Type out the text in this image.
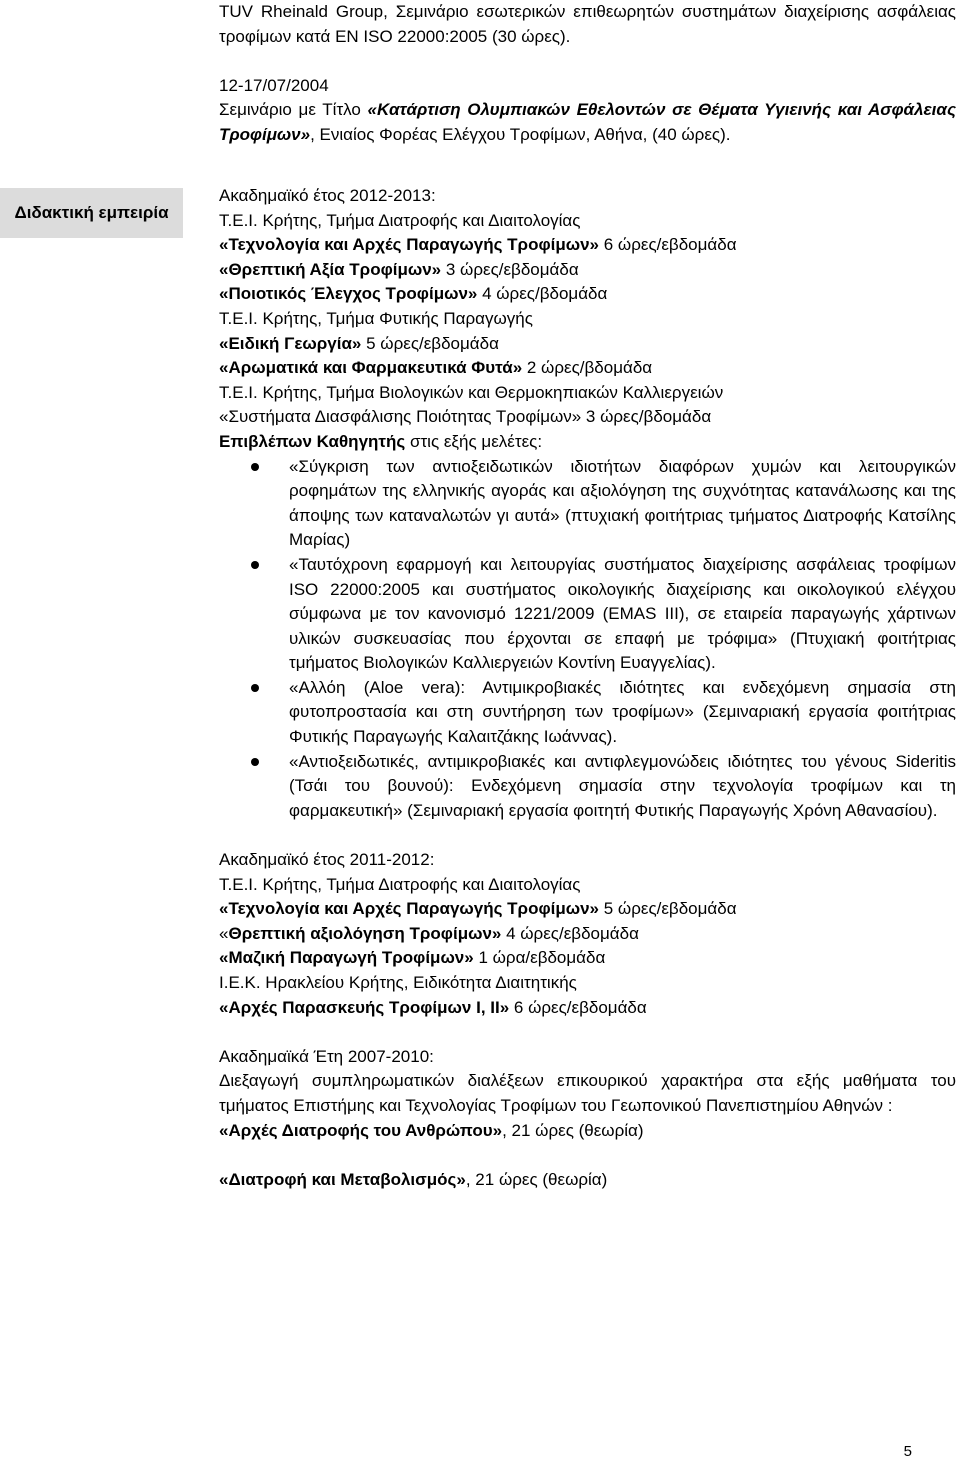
TUV Rheinald Group, Σεμινάριο εσωτερικών επιθεωρητών συστημάτων διαχείρισης ασφάλειας τροφίμων κατά ΕΝ ISO 22000:2005 (30 ώρες).

12-17/07/2004

Σεμινάριο με Τίτλο «Κατάρτιση Ολυμπιακών Εθελοντών σε Θέματα Υγιεινής και Ασφάλειας Τροφίμων», Ενιαίος Φορέας Ελέγχου Τροφίμων, Αθήνα, (40 ώρες).

Διδακτική εμπειρία

Ακαδημαϊκό έτος 2012-2013:

Τ.Ε.Ι. Κρήτης, Τμήμα Διατροφής και Διαιτολογίας

«Τεχνολογία και Αρχές Παραγωγής Τροφίμων» 6 ώρες/εβδομάδα

«Θρεπτική Αξία Τροφίμων» 3 ώρες/εβδομάδα

«Ποιοτικός Έλεγχος Τροφίμων» 4 ώρες/βδομάδα

Τ.Ε.Ι. Κρήτης, Τμήμα Φυτικής Παραγωγής

«Ειδική Γεωργία» 5 ώρες/εβδομάδα

«Αρωματικά και Φαρμακευτικά Φυτά» 2 ώρες/βδομάδα

Τ.Ε.Ι. Κρήτης, Τμήμα Βιολογικών και Θερμοκηπιακών Καλλιεργειών

«Συστήματα Διασφάλισης Ποιότητας Τροφίμων» 3 ώρες/βδομάδα

Επιβλέπων Καθηγητής στις εξής μελέτες:

«Σύγκριση των αντιοξειδωτικών ιδιοτήτων διαφόρων χυμών και λειτουργικών ροφημάτων της ελληνικής αγοράς και αξιολόγηση της συχνότητας κατανάλωσης και της άποψης των καταναλωτών γι αυτά» (πτυχιακή φοιτήτριας τμήματος Διατροφής Κατσίλης Μαρίας)
«Ταυτόχρονη εφαρμογή και λειτουργίας συστήματος διαχείρισης ασφάλειας τροφίμων ISO 22000:2005 και συστήματος οικολογικής διαχείρισης και οικολογικού ελέγχου σύμφωνα με τον κανονισμό 1221/2009 (EMAS III), σε εταιρεία παραγωγής χάρτινων υλικών συσκευασίας που έρχονται σε επαφή με τρόφιμα» (Πτυχιακή φοιτήτριας τμήματος Βιολογικών Καλλιεργειών Κοντίνη Ευαγγελίας).
«Αλλόη (Aloe vera): Αντιμικροβιακές ιδιότητες και ενδεχόμενη σημασία στη φυτοπροστασία και στη συντήρηση των τροφίμων» (Σεμιναριακή εργασία φοιτήτριας Φυτικής Παραγωγής Καλαιτζάκης Ιωάννας).
«Αντιοξειδωτικές, αντιμικροβιακές και αντιφλεγμονώδεις ιδιότητες του γένους Sideritis (Τσάι του βουνού): Ενδεχόμενη σημασία στην τεχνολογία τροφίμων και τη φαρμακευτική» (Σεμιναριακή εργασία φοιτητή Φυτικής Παραγωγής Χρόνη Αθανασίου).

Ακαδημαϊκό έτος 2011-2012:

Τ.Ε.Ι. Κρήτης, Τμήμα Διατροφής και Διαιτολογίας

«Τεχνολογία και Αρχές Παραγωγής Τροφίμων» 5 ώρες/εβδομάδα

«Θρεπτική αξιολόγηση Τροφίμων» 4 ώρες/εβδομάδα

«Μαζική Παραγωγή Τροφίμων» 1 ώρα/εβδομάδα

Ι.Ε.Κ. Ηρακλείου Κρήτης, Ειδικότητα Διαιτητικής

«Αρχές Παρασκευής Τροφίμων Ι, ΙΙ» 6 ώρες/εβδομάδα

Ακαδημαϊκά Έτη 2007-2010:

Διεξαγωγή συμπληρωματικών διαλέξεων επικουρικού χαρακτήρα στα εξής μαθήματα του τμήματος Επιστήμης και Τεχνολογίας Τροφίμων του Γεωπονικού Πανεπιστημίου Αθηνών :

«Αρχές Διατροφής του Ανθρώπου», 21 ώρες (θεωρία)

«Διατροφή και Μεταβολισμός», 21 ώρες (θεωρία)

5
